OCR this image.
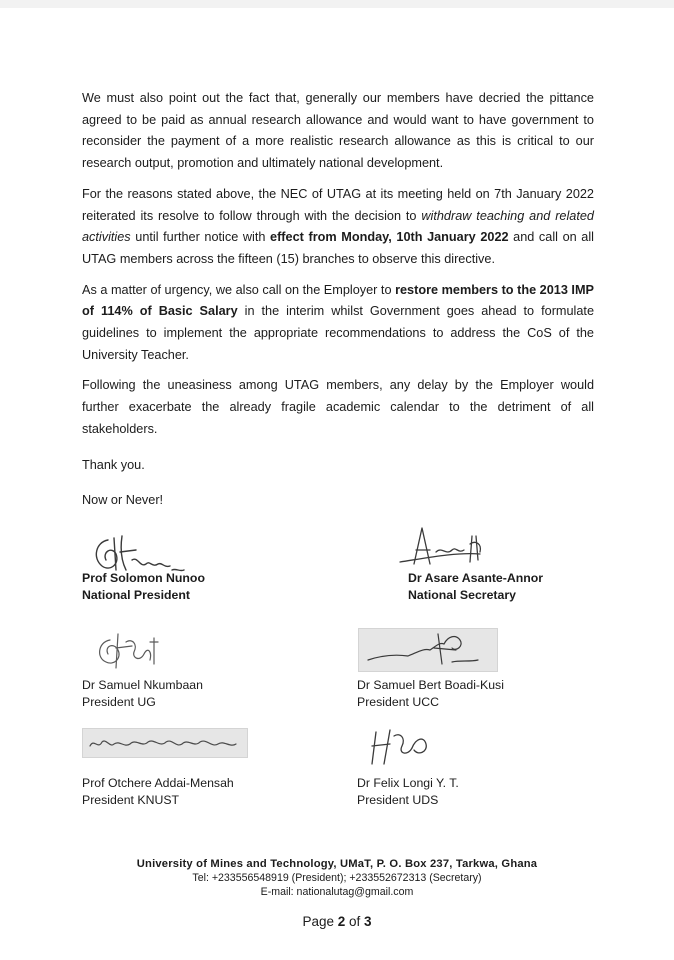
We must also point out the fact that, generally our members have decried the pittance agreed to be paid as annual research allowance and would want to have government to reconsider the payment of a more realistic research allowance as this is critical to our research output, promotion and ultimately national development.

For the reasons stated above, the NEC of UTAG at its meeting held on 7th January 2022 reiterated its resolve to follow through with the decision to withdraw teaching and related activities until further notice with effect from Monday, 10th January 2022 and call on all UTAG members across the fifteen (15) branches to observe this directive.

As a matter of urgency, we also call on the Employer to restore members to the 2013 IMP of 114% of Basic Salary in the interim whilst Government goes ahead to formulate guidelines to implement the appropriate recommendations to address the CoS of the University Teacher.

Following the uneasiness among UTAG members, any delay by the Employer would further exacerbate the already fragile academic calendar to the detriment of all stakeholders.

Thank you.

Now or Never!

Prof Solomon Nunoo
National President
Dr Asare Asante-Annor
National Secretary
Dr Samuel Nkumbaan
President UG
Dr Samuel Bert Boadi-Kusi
President UCC
Prof Otchere Addai-Mensah
President KNUST
Dr Felix Longi Y. T.
President UDS
University of Mines and Technology, UMaT, P. O. Box 237, Tarkwa, Ghana
Tel: +233556548919 (President); +233552672313 (Secretary)
E-mail: nationalutag@gmail.com
Page 2 of 3
